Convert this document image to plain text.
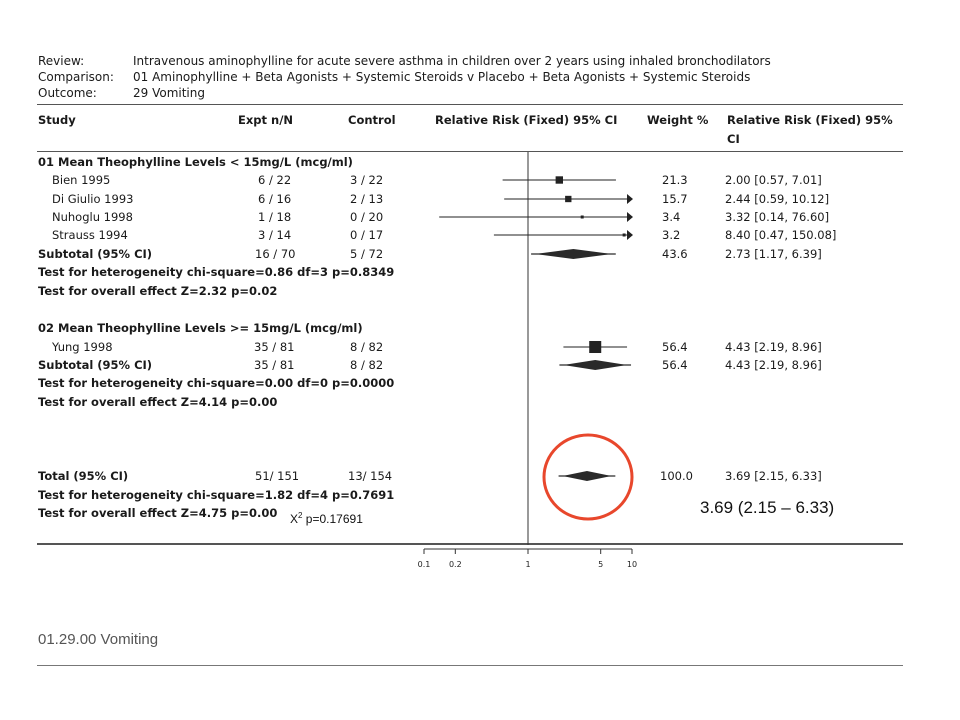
Review:	Intravenous aminophylline for acute severe asthma in children over 2 years using inhaled bronchodilators
Comparison: 01 Aminophylline + Beta Agonists + Systemic Steroids v Placebo + Beta Agonists + Systemic Steroids
Outcome:	29 Vomiting
Study	Expt n/N	Control	Relative Risk (Fixed) 95% CI	Weight % Relative Risk (Fixed) 95%
CI
01 Mean Theophylline Levels < 15mg/L (mcg/ml)
Bien 1995	6 / 22	3 / 22	21.3	2.00 [0.57, 7.01]
Di Giulio 1993	6 / 16	2 / 13	15.7	2.44 [0.59, 10.12]
Nuhoglu 1998	1 / 18	0 / 20	3.4	3.32 [0.14, 76.60]
Strauss 1994	3 / 14	0 / 17	3.2	8.40 [0.47, 150.08]
Subtotal (95% CI)	16 / 70	5 / 72	43.6	2.73 [1.17, 6.39]
Test for heterogeneity chi-square=0.86 df=3 p=0.8349
Test for overall effect Z=2.32 p=0.02
02 Mean Theophylline Levels >= 15mg/L (mcg/ml)
Yung 1998	35 / 81	8 / 82	56.4	4.43 [2.19, 8.96]
Subtotal (95% CI)	35 / 81	8 / 82	56.4	4.43 [2.19, 8.96]
Test for heterogeneity chi-square=0.00 df=0 p=0.0000
Test for overall effect Z=4.14 p=0.00
Total (95% CI)	51/ 151	13/ 154	100.0	3.69 [2.15, 6.33]
Test for heterogeneity chi-square=1.82 df=4 p=0.7691
Test for overall effect Z=4.75 p=0.00 $X^2$ p=0.17691
3.69 (2.15 – 6.33)
0.1 0.2	1	5	10
01.29.00 Vomiting
